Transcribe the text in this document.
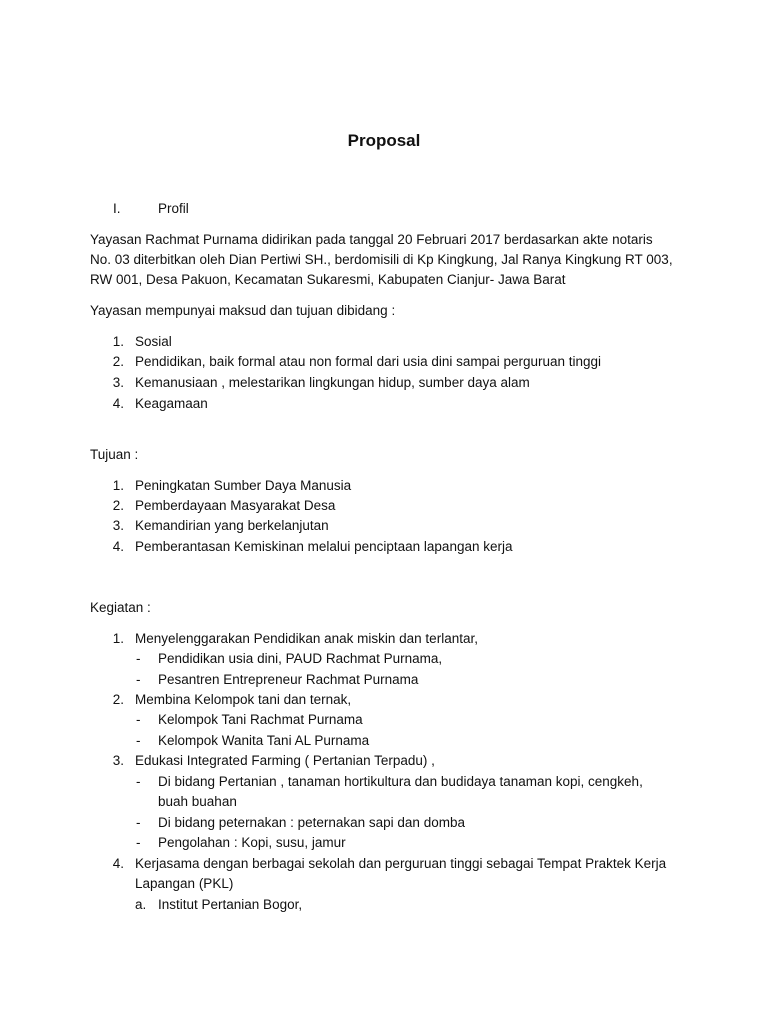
Proposal
I.	Profil
Yayasan Rachmat Purnama didirikan pada tanggal 20 Februari 2017 berdasarkan akte notaris
No. 03 diterbitkan oleh Dian Pertiwi SH., berdomisili di Kp Kingkung, Jal Ranya Kingkung RT 003,
RW 001, Desa Pakuon, Kecamatan Sukaresmi, Kabupaten Cianjur- Jawa Barat
Yayasan mempunyai maksud dan tujuan dibidang :
1. Sosial
2. Pendidikan, baik formal atau non formal dari usia dini sampai perguruan tinggi
3. Kemanusiaan , melestarikan lingkungan hidup, sumber daya alam
4. Keagamaan
Tujuan :
1. Peningkatan Sumber Daya Manusia
2. Pemberdayaan Masyarakat Desa
3. Kemandirian yang berkelanjutan
4. Pemberantasan Kemiskinan melalui penciptaan lapangan kerja
Kegiatan :
1. Menyelenggarakan Pendidikan anak miskin dan terlantar,
- Pendidikan usia dini, PAUD Rachmat Purnama,
- Pesantren Entrepreneur Rachmat Purnama
2. Membina Kelompok tani dan ternak,
- Kelompok Tani Rachmat Purnama
- Kelompok Wanita Tani AL Purnama
3. Edukasi Integrated Farming ( Pertanian Terpadu) ,
- Di bidang Pertanian , tanaman hortikultura dan budidaya tanaman kopi, cengkeh,
buah buahan
- Di bidang peternakan : peternakan sapi dan domba
- Pengolahan : Kopi, susu, jamur
4. Kerjasama dengan berbagai sekolah dan perguruan tinggi sebagai Tempat Praktek Kerja
Lapangan (PKL)
a. Institut Pertanian Bogor,
